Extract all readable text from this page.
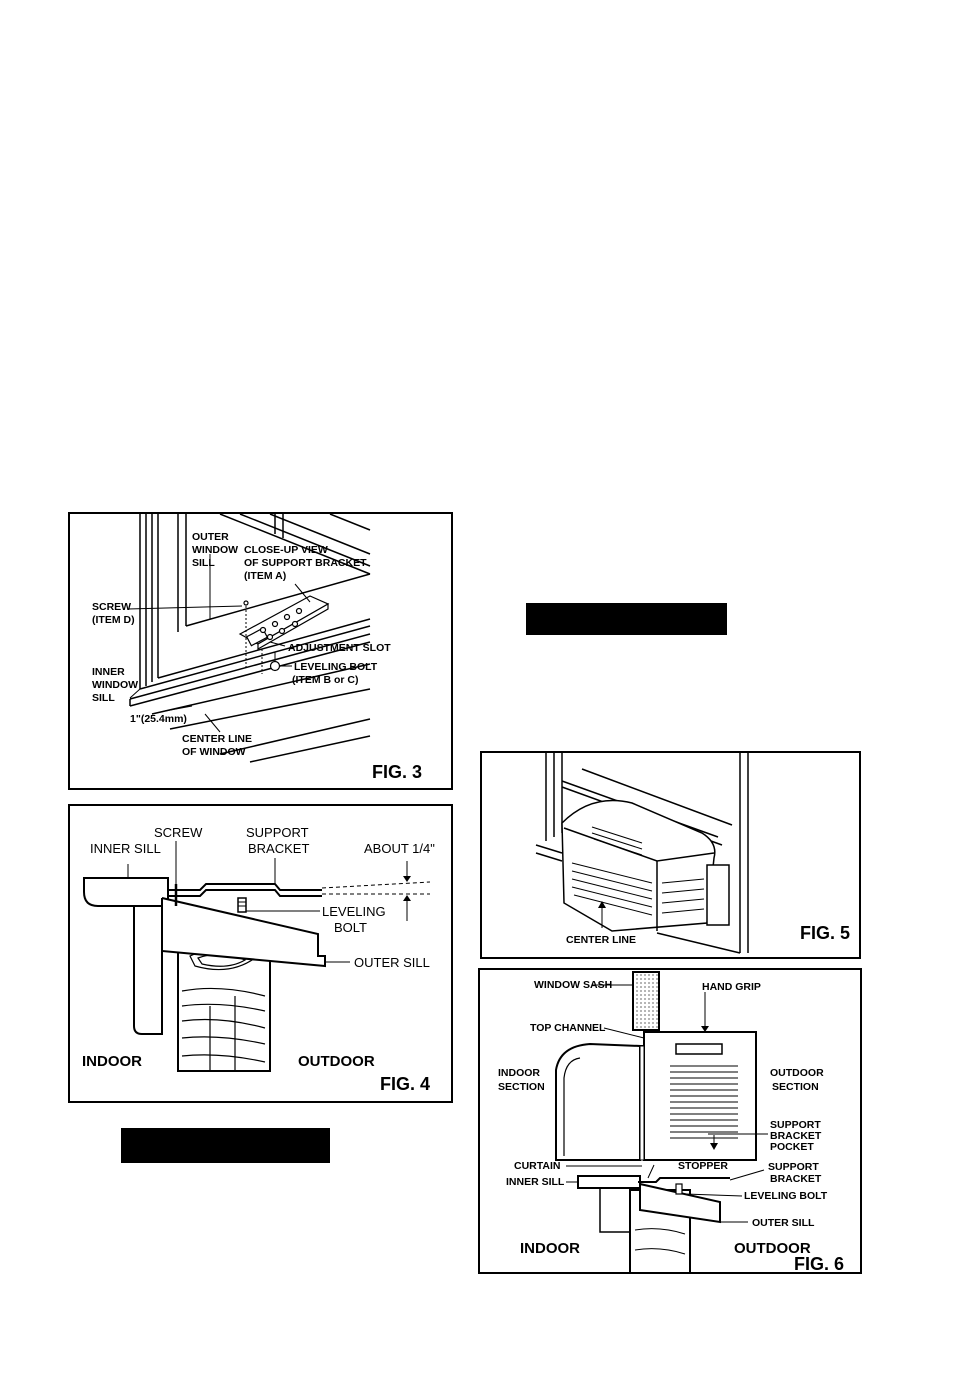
OUTER
WINDOW
SILL
CLOSE-UP VIEW
OF SUPPORT BRACKET
(ITEM A)
SCREW
(ITEM D)
ADJUSTMENT SLOT
LEVELING BOLT
(ITEM B or C)
INNER
WINDOW
SILL
1"(25.4mm)
CENTER LINE
OF WINDOW
FIG. 3
SCREW
INNER SILL
SUPPORT
BRACKET	ABOUT 1/4"
LEVELING
BOLT
OUTER SILL
INDOOR	OUTDOOR
FIG. 4
CENTER LINE	FIG. 5
WINDOW SASH	HAND GRIP
TOP CHANNEL
INDOOR
SECTION
OUTDOOR
SECTION
SUPPORT
BRACKET
POCKET
CURTAIN	STOPPER	SUPPORT
BRACKET
INNER SILL
LEVELING BOLT
OUTER SILL
INDOOR	OUTDOOR
FIG. 6
